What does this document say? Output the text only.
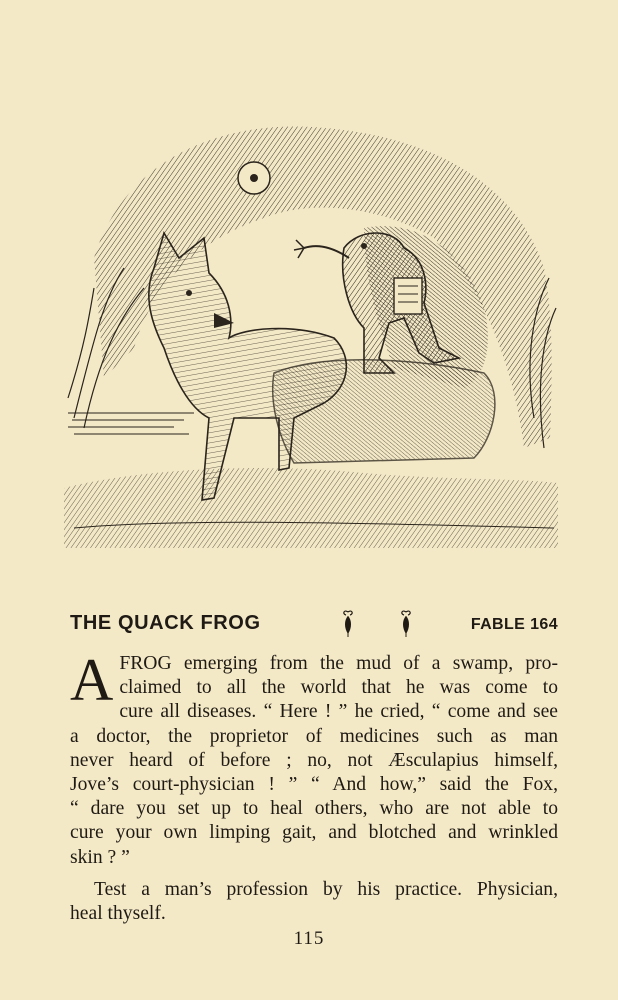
THE QUACK FROG	FABLE 164
A FROG emerging from the mud of a swamp, pro-
claimed to all the world that he was come to
cure all diseases. “ Here ! ” he cried, “ come and see
a doctor, the proprietor of medicines such as man
never heard of before ; no, not Æsculapius himself,
Jove’s court-physician ! ” “ And how,” said the Fox,
“ dare you set up to heal others, who are not able to
cure your own limping gait, and blotched and wrinkled
skin ? ”
Test a man’s profession by his practice. Physician,
heal thyself.
115
